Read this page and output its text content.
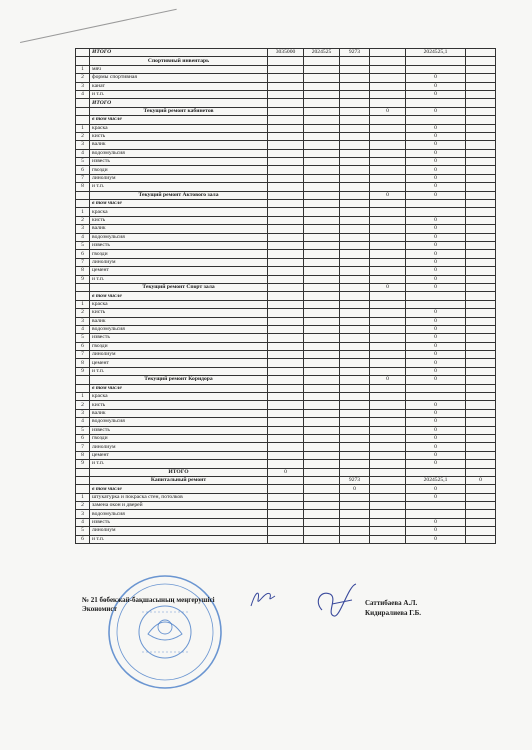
	ИТОГО	3035000	2024525	9273		2024525,1	
	Спортивный инвентарь						
1	мяч						
2	формы спортивная					0	
3	канат					0	
4	и т.п.					0	
	ИТОГО						
	Текущий ремонт кабинетов				0	0	
	в том числе						
1	краска					0	
2	кисть					0	
3	валик					0	
4	водоэмульсия					0	
5	известь					0	
6	гвозди					0	
7	линолиум					0	
8	и т.п.					0	
	Текущий ремонт Актового зала				0	0	
	в том числе						
1	краска						
2	кисть					0	
3	валик					0	
4	водоэмульсия					0	
5	известь					0	
6	гвозди					0	
7	линолиум					0	
8	цемент					0	
9	и т.п.					0	
	Текущий ремонт Спорт зала				0	0	
	в том числе						
1	краска						
2	кисть					0	
3	валик					0	
4	водоэмульсия					0	
5	известь					0	
6	гвозди					0	
7	линолиум					0	
8	цемент					0	
9	и т.п.					0	
	Текущий ремонт Коридора				0	0	
	в том числе						
1	краска						
2	кисть					0	
3	валик					0	
4	водоэмульсия					0	
5	известь					0	
6	гвозди					0	
7	линолиум					0	
8	цемент					0	
9	и т.п.					0	
	ИТОГО	0					
	Капитальный ремонт			9273		2024525,1	0
	в том числе			0		0	
1	штукатурка и покраска стен, потолков					0	
2	замена окон и дверей						
3	водоэмульсия						
4	известь					0	
5	линолиум					0	
6	и т.п.					0	
№ 21 бөбекжай-бақшасының меңгерушісі
Экономист
Саттибаева А.Л.
Кидиралиева Г.Б.
